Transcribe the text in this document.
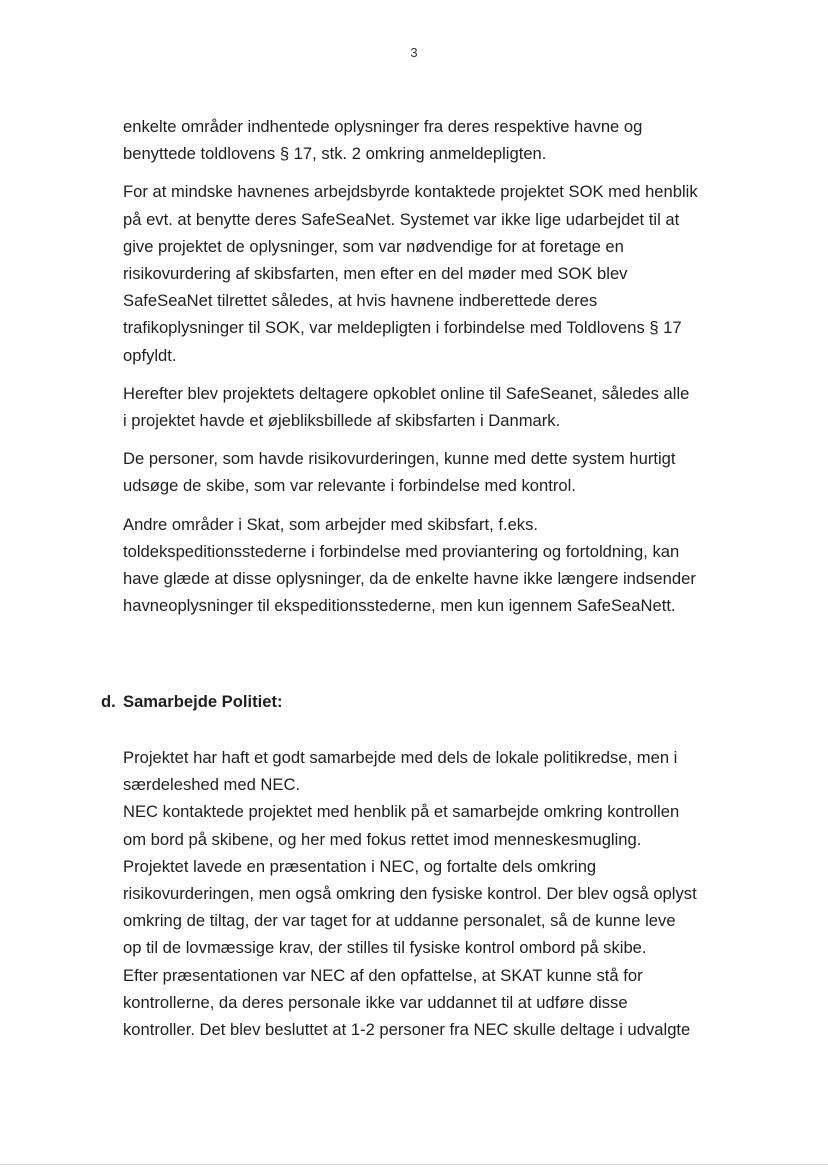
3
enkelte områder indhentede oplysninger fra deres respektive havne og
benyttede toldlovens § 17, stk. 2 omkring anmeldepligten.
For at mindske havnenes arbejdsbyrde kontaktede projektet SOK med henblik
på evt. at benytte deres SafeSeaNet. Systemet var ikke lige udarbejdet til at
give projektet de oplysninger, som var nødvendige for at foretage en
risikovurdering af skibsfarten, men efter en del møder med SOK blev
SafeSeaNet tilrettet således, at hvis havnene indberettede deres
trafikoplysninger til SOK, var meldepligten i forbindelse med Toldlovens § 17
opfyldt.
Herefter blev projektets deltagere opkoblet online til SafeSeanet, således alle
i projektet havde et øjebliksbillede af skibsfarten i Danmark.
De personer, som havde risikovurderingen, kunne med dette system hurtigt
udsøge de skibe, som var relevante i forbindelse med kontrol.
Andre områder i Skat, som arbejder med skibsfart, f.eks.
toldekspeditionsstederne i forbindelse med proviantering og fortoldning, kan
have glæde at disse oplysninger, da de enkelte havne ikke længere indsender
havneoplysninger til ekspeditionsstederne, men kun igennem SafeSeaNett.
d. Samarbejde Politiet:
Projektet har haft et godt samarbejde med dels de lokale politikredse, men i
særdeleshed med NEC.
NEC kontaktede projektet med henblik på et samarbejde omkring kontrollen
om bord på skibene, og her med fokus rettet imod menneskesmugling.
Projektet lavede en præsentation i NEC, og fortalte dels omkring
risikovurderingen, men også omkring den fysiske kontrol. Der blev også oplyst
omkring de tiltag, der var taget for at uddanne personalet, så de kunne leve
op til de lovmæssige krav, der stilles til fysiske kontrol ombord på skibe.
Efter præsentationen var NEC af den opfattelse, at SKAT kunne stå for
kontrollerne, da deres personale ikke var uddannet til at udføre disse
kontroller. Det blev besluttet at 1-2 personer fra NEC skulle deltage i udvalgte
